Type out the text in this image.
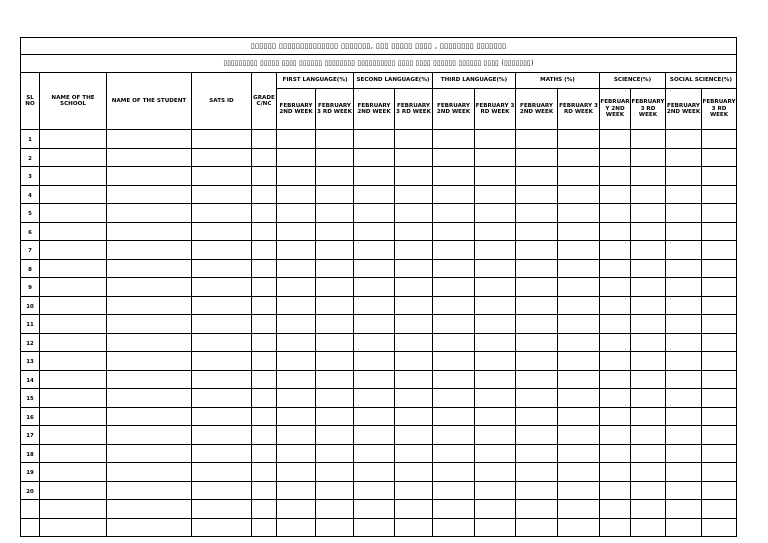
▯▯▯▯▯▯ ▯▯▯▯▯▯▯▯▯▯▯▯▯▯ ▯▯▯▯▯▯▯, ▯▯▯ ▯▯▯▯▯ ▯▯▯▯ , ▯▯▯▯▯▯▯▯ ▯▯▯▯▯▯▯																
▯▯▯▯▯▯▯▯▯ ▯▯▯▯▯ ▯▯▯▯ ▯▯▯▯▯▯ ▯▯▯▯▯▯▯▯ ▯▯▯▯▯▯▯▯▯▯ ▯▯▯▯ ▯▯▯▯ ▯▯▯▯▯▯ ▯▯▯▯▯▯ ▯▯▯▯ (▯▯▯▯▯▯▯)																
SL NO	NAME OF THE SCHOOL	NAME OF THE STUDENT	SATS ID	GRADE C/NC	FIRST LANGUAGE(%)		SECOND LANGUAGE(%)		THIRD LANGUAGE(%)		MATHS (%)		SCIENCE(%)		SOCIAL SCIENCE(%)	
					FEBRUARY 2ND WEEK	FEBRUARY 3 RD WEEK	FEBRUARY 2ND WEEK	FEBRUARY 3 RD WEEK	FEBRUARY 2ND WEEK	FEBRUARY 3 RD WEEK	FEBRUARY 2ND WEEK	FEBRUARY 3 RD WEEK	FEBRUAR Y 2ND WEEK	FEBRUARY 3 RD WEEK	FEBRUARY 2ND WEEK	FEBRUARY 3 RD WEEK
1																
2																
3																
4																
5																
6																
7																
8																
9																
10																
11																
12																
13																
14																
15																
16																
17																
18																
19																
20																
